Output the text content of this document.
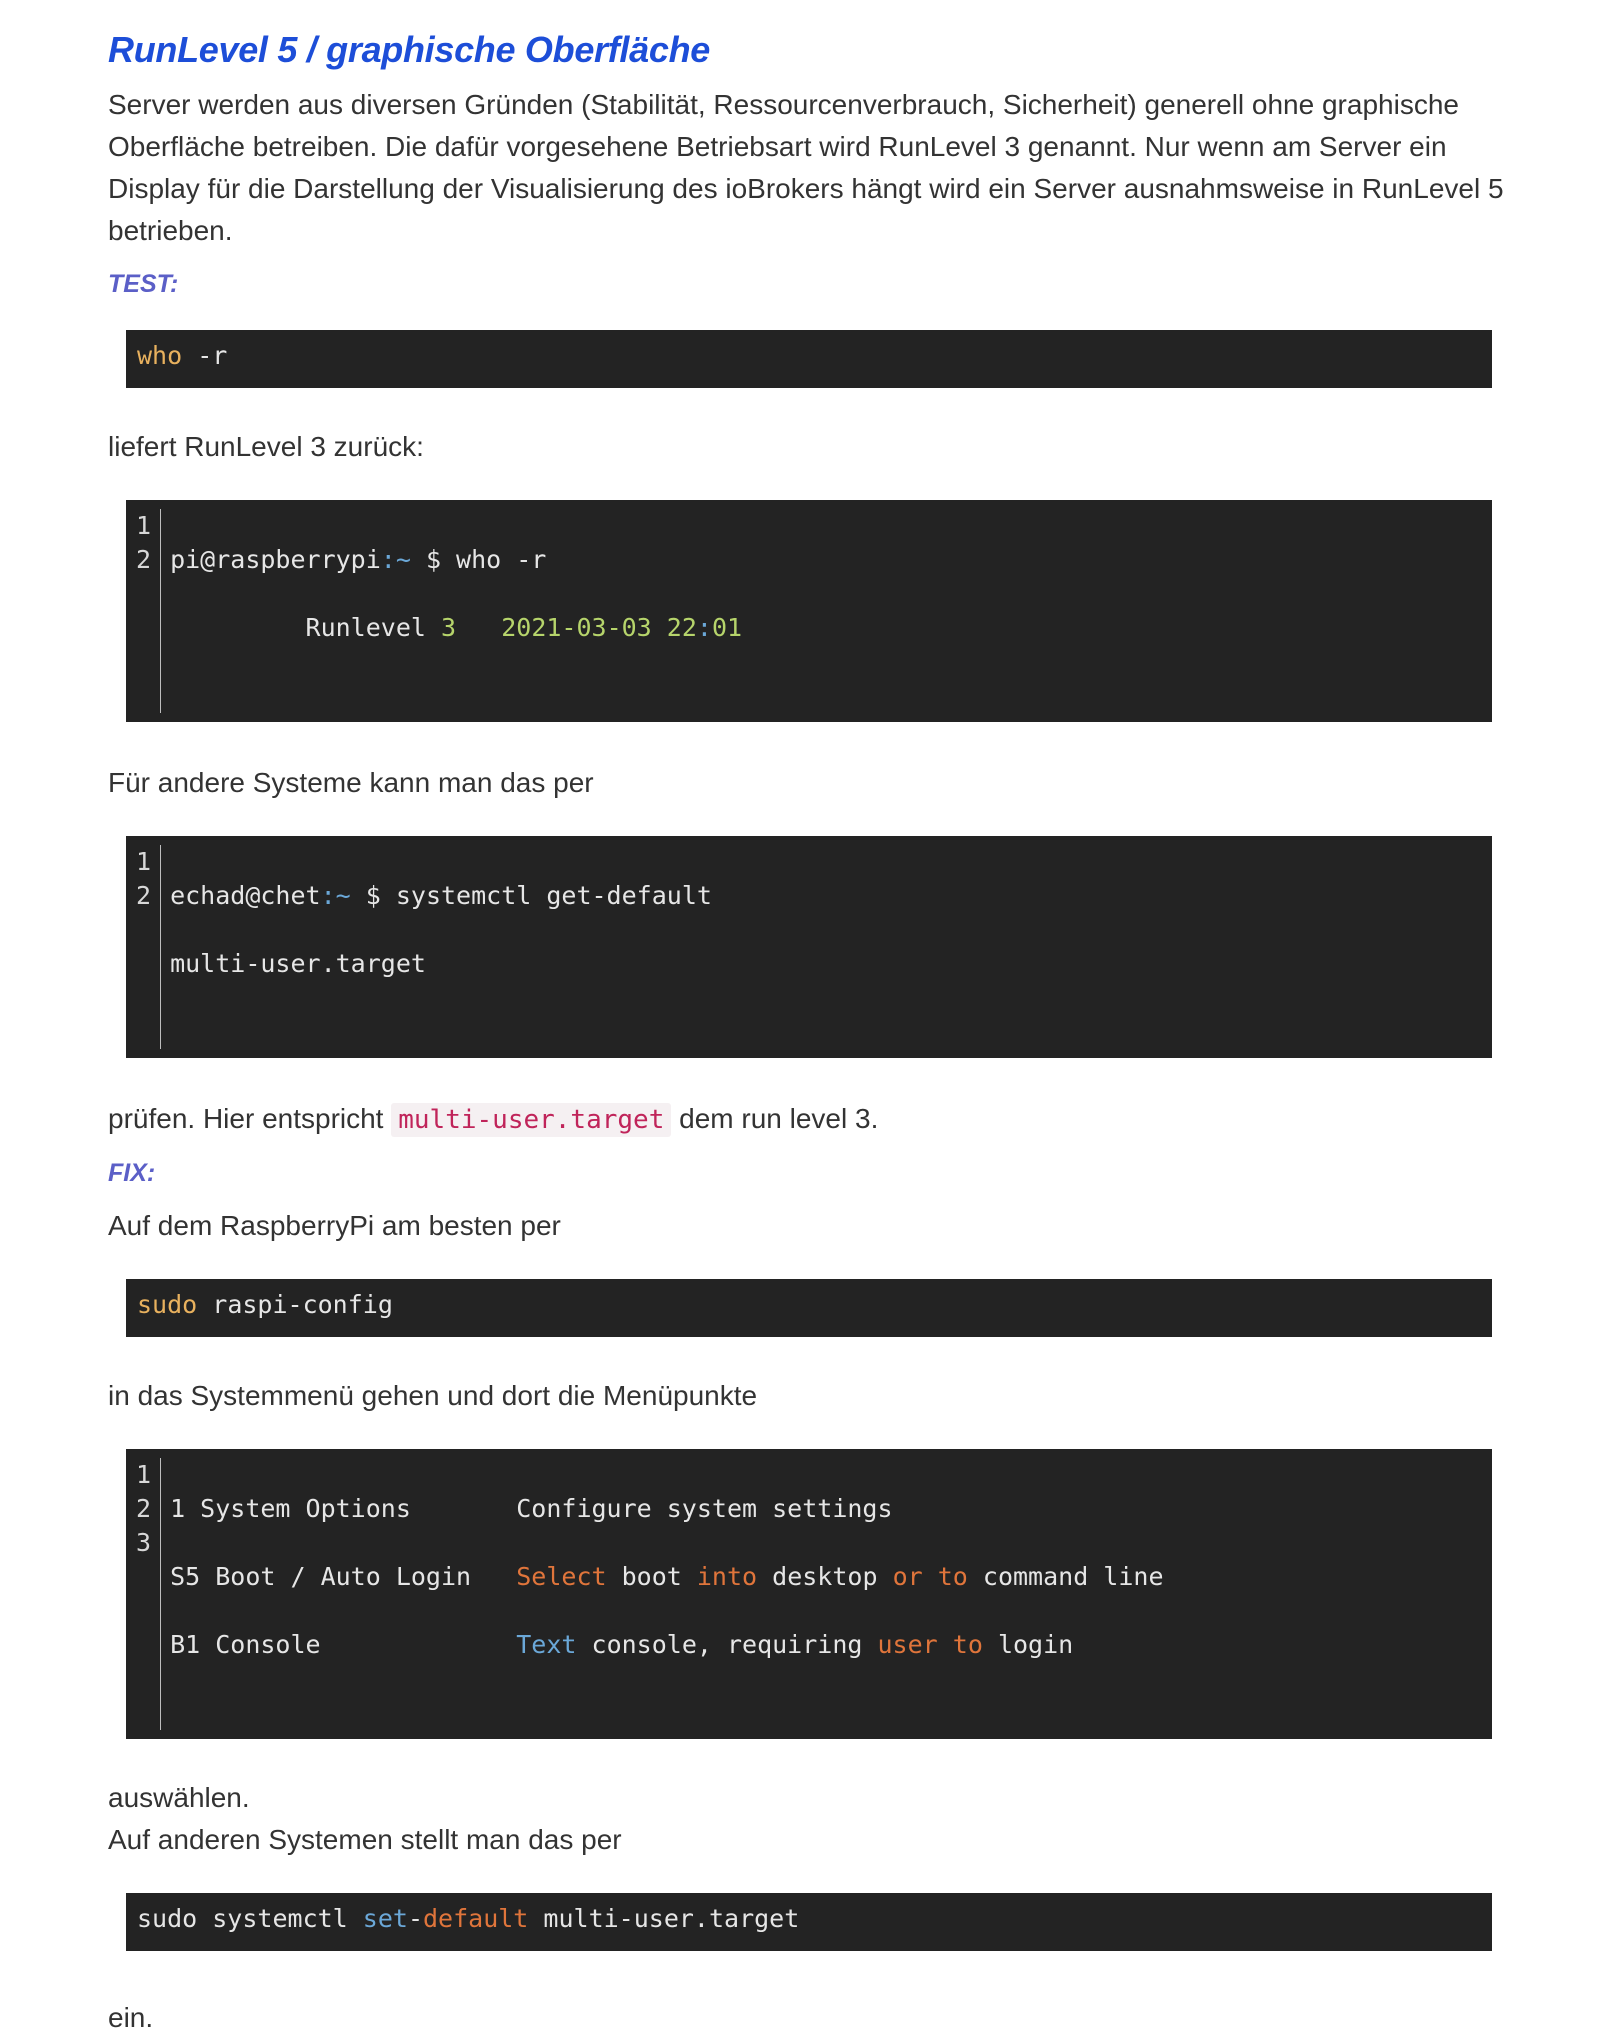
RunLevel 5 / graphische Oberfläche

Server werden aus diversen Gründen (Stabilität, Ressourcenverbrauch, Sicherheit) generell ohne graphische Oberfläche betreiben. Die dafür vorgesehene Betriebsart wird RunLevel 3 genannt. Nur wenn am Server ein Display für die Darstellung der Visualisierung des ioBrokers hängt wird ein Server ausnahmsweise in RunLevel 5 betrieben.

TEST:
who -r

liefert RunLevel 3 zurück:

1
2 pi@raspberrypi:~ $ who -r

Runlevel 3 2021-03-03 22:01

Für andere Systeme kann man das per

1
2 echad@chet:~ $ systemctl get-default

multi-user.target

prüfen. Hier entspricht multi-user.target dem run level 3.

FIX:

Auf dem RaspberryPi am besten per

sudo raspi-config

in das Systemmenü gehen und dort die Menüpunkte

1
2
3

1 System Options       Configure system settings

S5 Boot / Auto Login   Select boot into desktop or to command line

B1 Console             Text console, requiring user to login

auswählen.

Auf anderen Systemen stellt man das per

sudo systemctl set-default multi-user.target

ein.
